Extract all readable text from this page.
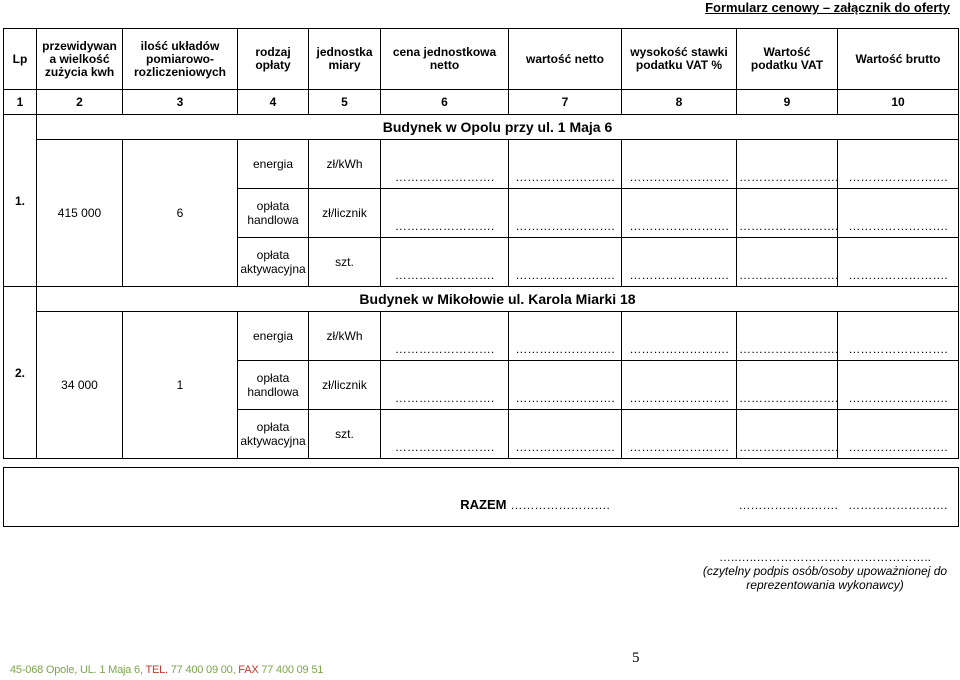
Formularz cenowy – załącznik do oferty
Lp	przewidywan a wielkość zużycia kwh	ilość układów pomiarowo-rozliczeniowych	rodzaj opłaty	jednostka miary	cena jednostkowa netto	wartość netto	wysokość stawki podatku VAT %	Wartość podatku VAT	Wartość brutto
1	2	3	4	5	6	7	8	9	10
1.	Budynek w Opolu przy ul. 1 Maja 6								
	415 000	6	energia	zł/kWh	…………………….	…………………….	…………………….	…………………….	…………………….
			opłata handlowa	zł/licznik	…………………….	…………………….	…………………….	…………………….	…………………….
			opłata aktywacyjna	szt.	…………………….	…………………….	…………………….	…………………….	…………………….
2.	Budynek w Mikołowie ul. Karola Miarki 18								
	34 000	1	energia	zł/kWh	…………………….	…………………….	…………………….	…………………….	…………………….
			opłata handlowa	zł/licznik	…………………….	…………………….	…………………….	…………………….	…………………….
			opłata aktywacyjna	szt.	…………………….	…………………….	…………………….	…………………….	…………………….

RAZEM						…………………….		…………………….	…………………….
…..…..……………………………………..
(czytelny podpis osób/osoby upoważnionej do reprezentowania wykonawcy)
5
45-068 Opole, UL. 1 Maja 6, TEL. 77 400 09 00, FAX 77 400 09 51
